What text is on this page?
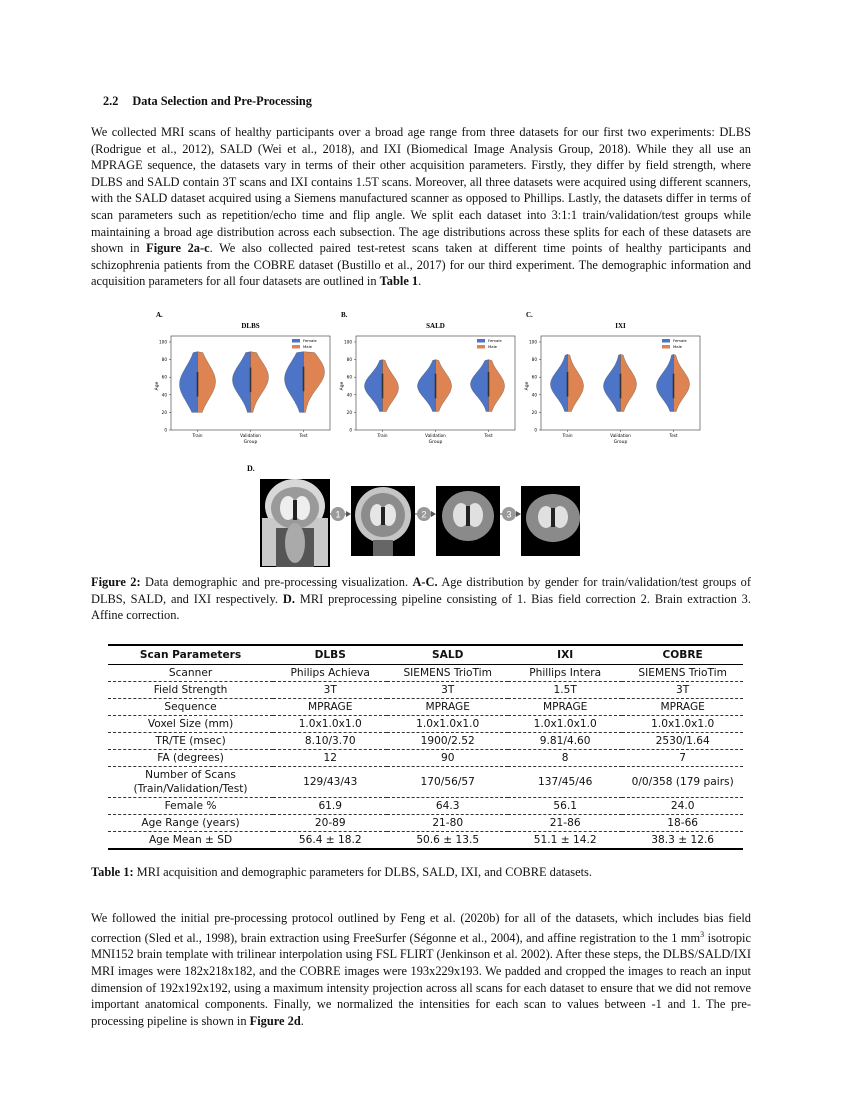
2.2 Data Selection and Pre-Processing

We collected MRI scans of healthy participants over a broad age range from three datasets for our first two experiments: DLBS (Rodrigue et al., 2012), SALD (Wei et al., 2018), and IXI (Biomedical Image Analysis Group, 2018). While they all use an MPRAGE sequence, the datasets vary in terms of their other acquisition parameters. Firstly, they differ by field strength, where DLBS and SALD contain 3T scans and IXI contains 1.5T scans. Moreover, all three datasets were acquired using different scanners, with the SALD dataset acquired using a Siemens manufactured scanner as opposed to Phillips. Lastly, the datasets differ in terms of scan parameters such as repetition/echo time and flip angle. We split each dataset into 3:1:1 train/validation/test groups while maintaining a broad age distribution across each subsection. The age distributions across these splits for each of these datasets are shown in Figure 2a-c. We also collected paired test-retest scans taken at different time points of healthy participants and schizophrenia patients from the COBRE dataset (Bustillo et al., 2017) for our third experiment. The demographic information and acquisition parameters for all four datasets are outlined in Table 1.

A.
DLBS
0
20
40
60
80
100
Age
Train	Validation	Test
Group
Female
Male
B.
SALD
0
20
40
60
80
100
Age
Train	Validation	Test
Group
Female
Male
C.
IXI
0
20
40
60
80
100
Age
Train	Validation	Test
Group
Female
Male
D.
1	2	3

Figure 2: Data demographic and pre-processing visualization. A-C. Age distribution by gender for train/validation/test groups of DLBS, SALD, and IXI respectively. D. MRI preprocessing pipeline consisting of 1. Bias field correction 2. Brain extraction 3. Affine correction.

Scan Parameters	DLBS	SALD	IXI	COBRE
Scanner	Philips Achieva	SIEMENS TrioTim	Phillips Intera	SIEMENS TrioTim
Field Strength	3T	3T	1.5T	3T
Sequence	MPRAGE	MPRAGE	MPRAGE	MPRAGE
Voxel Size (mm)	1.0x1.0x1.0	1.0x1.0x1.0	1.0x1.0x1.0	1.0x1.0x1.0
TR/TE (msec)	8.10/3.70	1900/2.52	9.81/4.60	2530/1.64
FA (degrees)	12	90	8	7
Number of Scans
(Train/Validation/Test)	129/43/43	170/56/57	137/45/46	0/0/358 (179 pairs)
Female %	61.9	64.3	56.1	24.0
Age Range (years)	20-89	21-80	21-86	18-66
Age Mean ± SD	56.4 ± 18.2	50.6 ± 13.5	51.1 ± 14.2	38.3 ± 12.6

Table 1: MRI acquisition and demographic parameters for DLBS, SALD, IXI, and COBRE datasets.

We followed the initial pre-processing protocol outlined by Feng et al. (2020b) for all of the datasets, which includes bias field correction (Sled et al., 1998), brain extraction using FreeSurfer (Ségonne et al., 2004), and affine registration to the 1 $mm^3$ isotropic MNI152 brain template with trilinear interpolation using FSL FLIRT (Jenkinson et al. 2002). After these steps, the DLBS/SALD/IXI MRI images were 182x218x182, and the COBRE images were 193x229x193. We padded and cropped the images to reach an input dimension of 192x192x192, using a maximum intensity projection across all scans for each dataset to ensure that we did not remove important anatomical components. Finally, we normalized the intensities for each scan to values between -1 and 1. The pre-processing pipeline is shown in Figure 2d.
